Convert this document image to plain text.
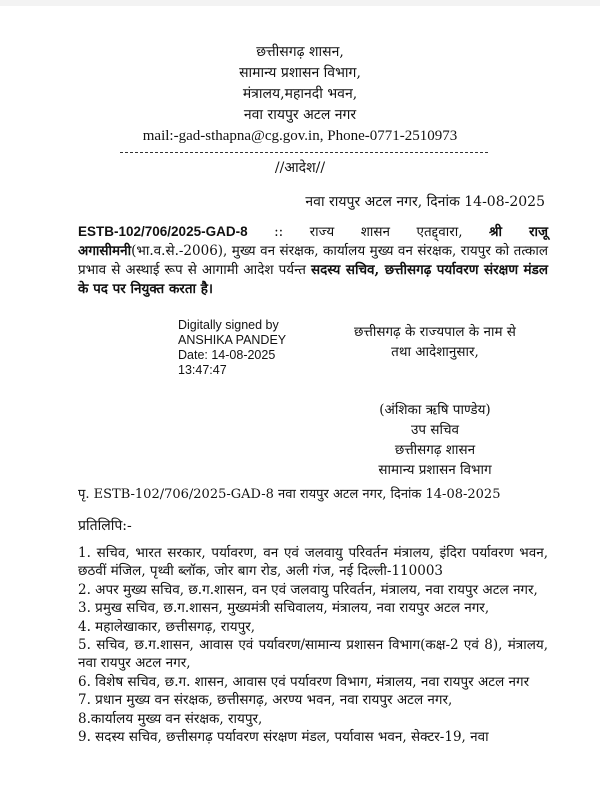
छत्तीसगढ़ शासन,
सामान्य प्रशासन विभाग,
मंत्रालय,महानदी भवन,
नवा रायपुर अटल नगर
mail:-gad-sthapna@cg.gov.in, Phone-0771-2510973
//आदेश//
नवा रायपुर अटल नगर, दिनांक 14-08-2025
ESTB-102/706/2025-GAD-8 :: राज्य शासन एतद्द्वारा, श्री राजू अगासीमनी(भा.व.से.-2006), मुख्य वन संरक्षक, कार्यालय मुख्य वन संरक्षक, रायपुर को तत्काल प्रभाव से अस्थाई रूप से आगामी आदेश पर्यन्त सदस्य सचिव, छत्तीसगढ़ पर्यावरण संरक्षण मंडल के पद पर नियुक्त करता है।
Digitally signed by
ANSHIKA PANDEY
Date: 14-08-2025
13:47:47
छत्तीसगढ़ के राज्यपाल के नाम से
तथा आदेशानुसार,
(अंशिका ऋषि पाण्डेय)
उप सचिव
छत्तीसगढ़ शासन
सामान्य प्रशासन विभाग
पृ. ESTB-102/706/2025-GAD-8 नवा रायपुर अटल नगर, दिनांक 14-08-2025
प्रतिलिपि:-
1. सचिव, भारत सरकार, पर्यावरण, वन एवं जलवायु परिवर्तन मंत्रालय, इंदिरा पर्यावरण भवन, छठवीं मंजिल, पृथ्वी ब्लॉक, जोर बाग रोड, अली गंज, नई दिल्ली-110003
2. अपर मुख्य सचिव, छ.ग.शासन, वन एवं जलवायु परिवर्तन, मंत्रालय, नवा रायपुर अटल नगर,
3. प्रमुख सचिव, छ.ग.शासन, मुख्यमंत्री सचिवालय, मंत्रालय, नवा रायपुर अटल नगर,
4. महालेखाकार, छत्तीसगढ़, रायपुर,
5. सचिव, छ.ग.शासन, आवास एवं पर्यावरण/सामान्य प्रशासन विभाग(कक्ष-2 एवं 8), मंत्रालय, नवा रायपुर अटल नगर,
6. विशेष सचिव, छ.ग. शासन, आवास एवं पर्यावरण विभाग, मंत्रालय, नवा रायपुर अटल नगर
7. प्रधान मुख्य वन संरक्षक, छत्तीसगढ़, अरण्य भवन, नवा रायपुर अटल नगर,
8.कार्यालय मुख्य वन संरक्षक, रायपुर,
9. सदस्य सचिव, छत्तीसगढ़ पर्यावरण संरक्षण मंडल, पर्यावास भवन, सेक्टर-19, नवा
